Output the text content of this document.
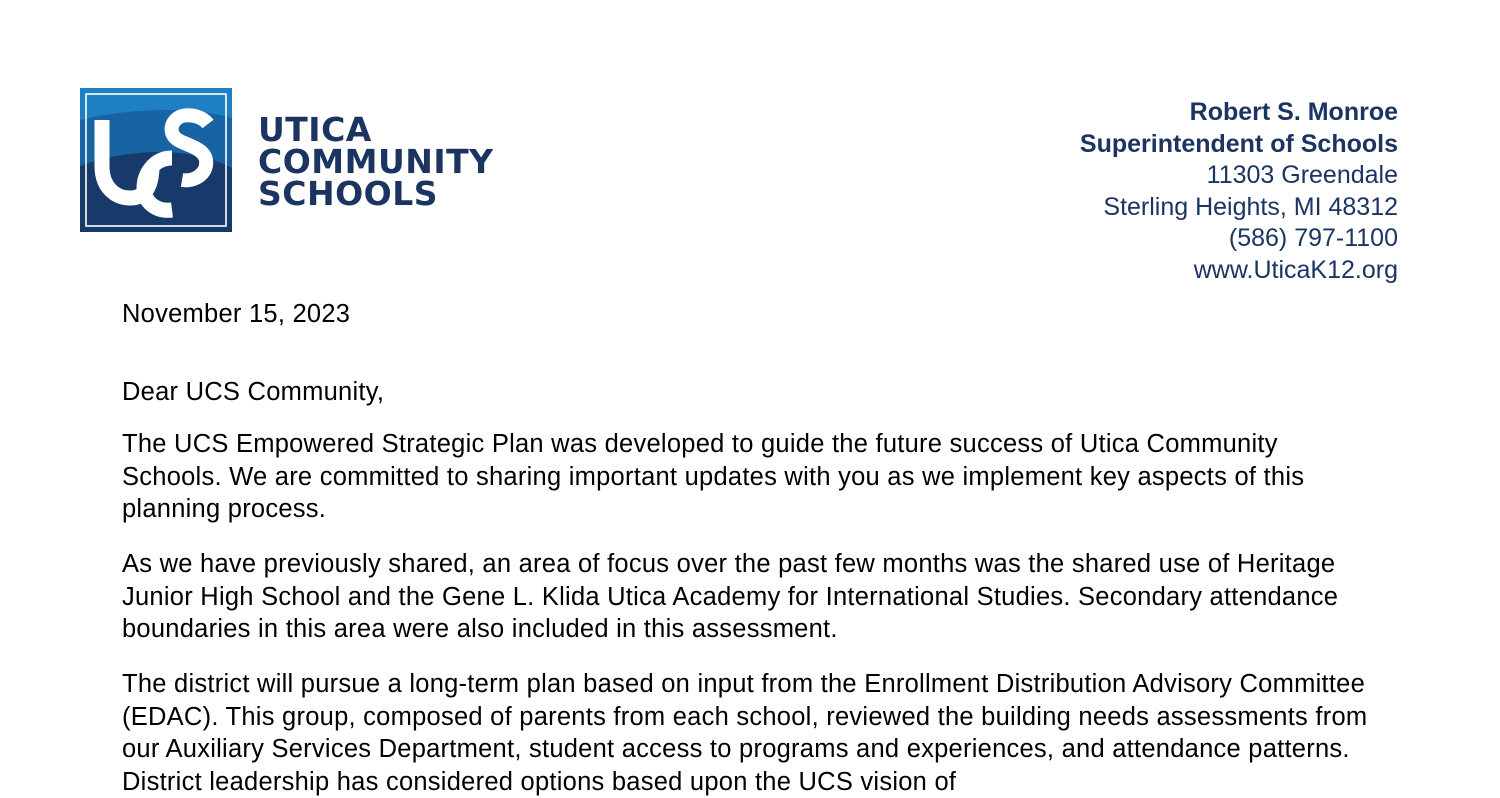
UTICA
COMMUNITY
SCHOOLS
Robert S. Monroe
Superintendent of Schools
11303 Greendale
Sterling Heights, MI 48312
(586) 797-1100
www.UticaK12.org
November 15, 2023
Dear UCS Community,

The UCS Empowered Strategic Plan was developed to guide the future success of Utica Community Schools. We are committed to sharing important updates with you as we implement key aspects of this planning process.

As we have previously shared, an area of focus over the past few months was the shared use of Heritage Junior High School and the Gene L. Klida Utica Academy for International Studies. Secondary attendance boundaries in this area were also included in this assessment.

The district will pursue a long-term plan based on input from the Enrollment Distribution Advisory Committee (EDAC). This group, composed of parents from each school, reviewed the building needs assessments from our Auxiliary Services Department, student access to programs and experiences, and attendance patterns. District leadership has considered options based upon the UCS vision of
